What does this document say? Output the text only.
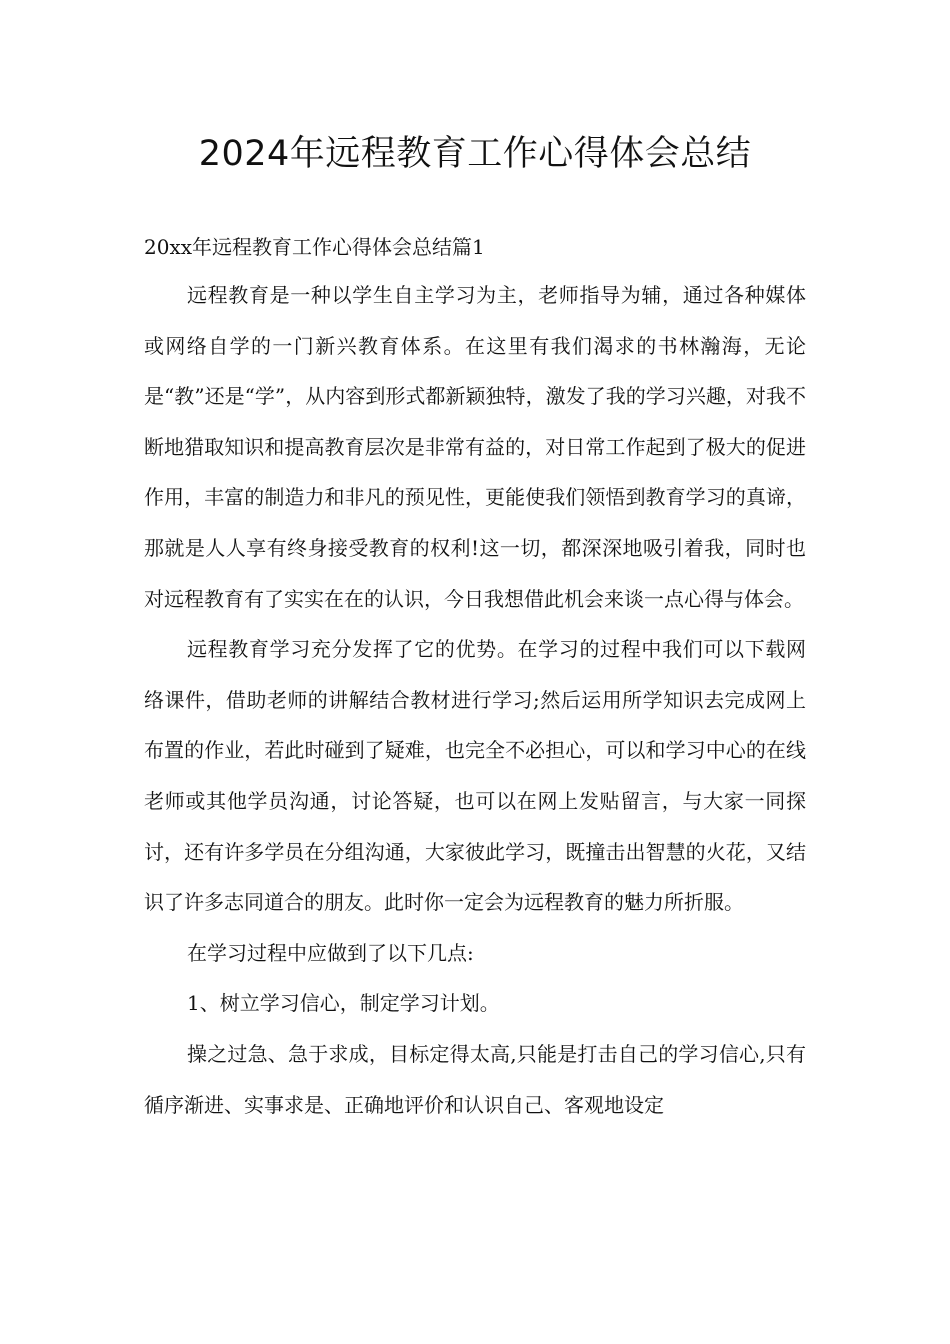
2024年远程教育工作心得体会总结
20xx年远程教育工作心得体会总结篇1

远程教育是一种以学生自主学习为主，老师指导为辅，通过各种媒体或网络自学的一门新兴教育体系。在这里有我们渴求的书林瀚海，无论是“教”还是“学”，从内容到形式都新颖独特，激发了我的学习兴趣，对我不断地猎取知识和提高教育层次是非常有益的，对日常工作起到了极大的促进作用，丰富的制造力和非凡的预见性，更能使我们领悟到教育学习的真谛，那就是人人享有终身接受教育的权利!这一切，都深深地吸引着我，同时也对远程教育有了实实在在的认识，今日我想借此机会来谈一点心得与体会。

远程教育学习充分发挥了它的优势。在学习的过程中我们可以下载网络课件，借助老师的讲解结合教材进行学习;然后运用所学知识去完成网上布置的作业，若此时碰到了疑难，也完全不必担心，可以和学习中心的在线老师或其他学员沟通，讨论答疑，也可以在网上发贴留言，与大家一同探讨，还有许多学员在分组沟通，大家彼此学习，既撞击出智慧的火花，又结识了许多志同道合的朋友。此时你一定会为远程教育的魅力所折服。

在学习过程中应做到了以下几点:

1、树立学习信心，制定学习计划。

操之过急、急于求成，目标定得太高,只能是打击自己的学习信心,只有循序渐进、实事求是、正确地评价和认识自己、客观地设定
